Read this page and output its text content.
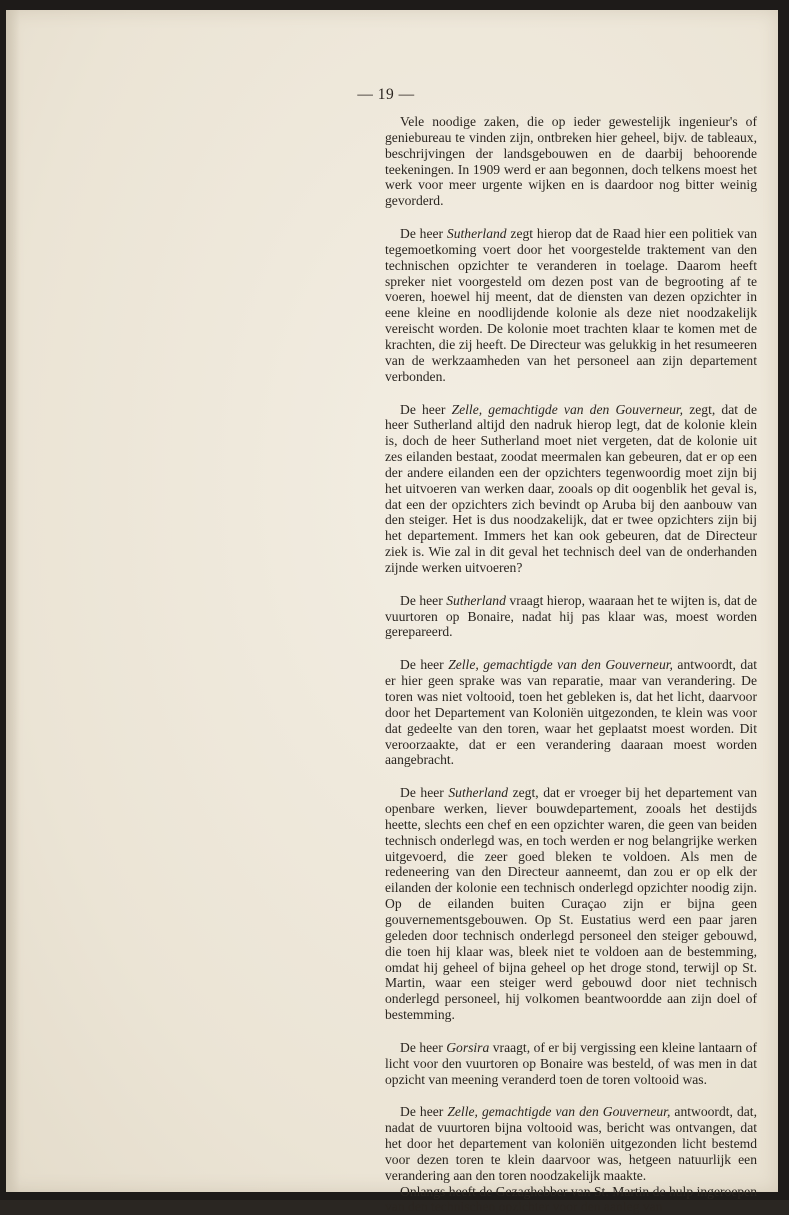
— 19 —

Vele noodige zaken, die op ieder gewestelijk ingenieur's of geniebureau te vinden zijn, ontbreken hier geheel, bijv. de tableaux, beschrijvingen der landsgebouwen en de daarbij behoorende teekeningen. In 1909 werd er aan begonnen, doch telkens moest het werk voor meer urgente wijken en is daardoor nog bitter weinig gevorderd.

De heer Sutherland zegt hierop dat de Raad hier een politiek van tegemoetkoming voert door het voorgestelde traktement van den technischen opzichter te veranderen in toelage. Daarom heeft spreker niet voorgesteld om dezen post van de begrooting af te voeren, hoewel hij meent, dat de diensten van dezen opzichter in eene kleine en noodlijdende kolonie als deze niet noodzakelijk vereischt worden. De kolonie moet trachten klaar te komen met de krachten, die zij heeft. De Directeur was gelukkig in het resumeeren van de werkzaamheden van het personeel aan zijn departement verbonden.

De heer Zelle, gemachtigde van den Gouverneur, zegt, dat de heer Sutherland altijd den nadruk hierop legt, dat de kolonie klein is, doch de heer Sutherland moet niet vergeten, dat de kolonie uit zes eilanden bestaat, zoodat meermalen kan gebeuren, dat er op een der andere eilanden een der opzichters tegenwoordig moet zijn bij het uitvoeren van werken daar, zooals op dit oogenblik het geval is, dat een der opzichters zich bevindt op Aruba bij den aanbouw van den steiger. Het is dus noodzakelijk, dat er twee opzichters zijn bij het departement. Immers het kan ook gebeuren, dat de Directeur ziek is. Wie zal in dit geval het technisch deel van de onderhanden zijnde werken uitvoeren?

De heer Sutherland vraagt hierop, waaraan het te wijten is, dat de vuurtoren op Bonaire, nadat hij pas klaar was, moest worden gerepareerd.

De heer Zelle, gemachtigde van den Gouverneur, antwoordt, dat er hier geen sprake was van reparatie, maar van verandering. De toren was niet voltooid, toen het gebleken is, dat het licht, daarvoor door het Departement van Koloniën uitgezonden, te klein was voor dat gedeelte van den toren, waar het geplaatst moest worden. Dit veroorzaakte, dat er een verandering daaraan moest worden aangebracht.

De heer Sutherland zegt, dat er vroeger bij het departement van openbare werken, liever bouwdepartement, zooals het destijds heette, slechts een chef en een opzichter waren, die geen van beiden technisch onderlegd was, en toch werden er nog belangrijke werken uitgevoerd, die zeer goed bleken te voldoen. Als men de redeneering van den Directeur aanneemt, dan zou er op elk der eilanden der kolonie een technisch onderlegd opzichter noodig zijn. Op de eilanden buiten Curaçao zijn er bijna geen gouvernementsgebouwen. Op St. Eustatius werd een paar jaren geleden door technisch onderlegd personeel den steiger gebouwd, die toen hij klaar was, bleek niet te voldoen aan de bestemming, omdat hij geheel of bijna geheel op het droge stond, terwijl op St. Martin, waar een steiger werd gebouwd door niet technisch onderlegd personeel, hij volkomen beantwoordde aan zijn doel of bestemming.

De heer Gorsira vraagt, of er bij vergissing een kleine lantaarn of licht voor den vuurtoren op Bonaire was besteld, of was men in dat opzicht van meening veranderd toen de toren voltooid was.

De heer Zelle, gemachtigde van den Gouverneur, antwoordt, dat, nadat de vuurtoren bijna voltooid was, bericht was ontvangen, dat het door het departement van koloniën uitgezonden licht bestemd voor dezen toren te klein daarvoor was, hetgeen natuurlijk een verandering aan den toren noodzakelijk maakte.

Onlangs heeft de Gezaghebber van St. Martin de hulp ingeroepen van den technischen opzichter voor den aanleg van
